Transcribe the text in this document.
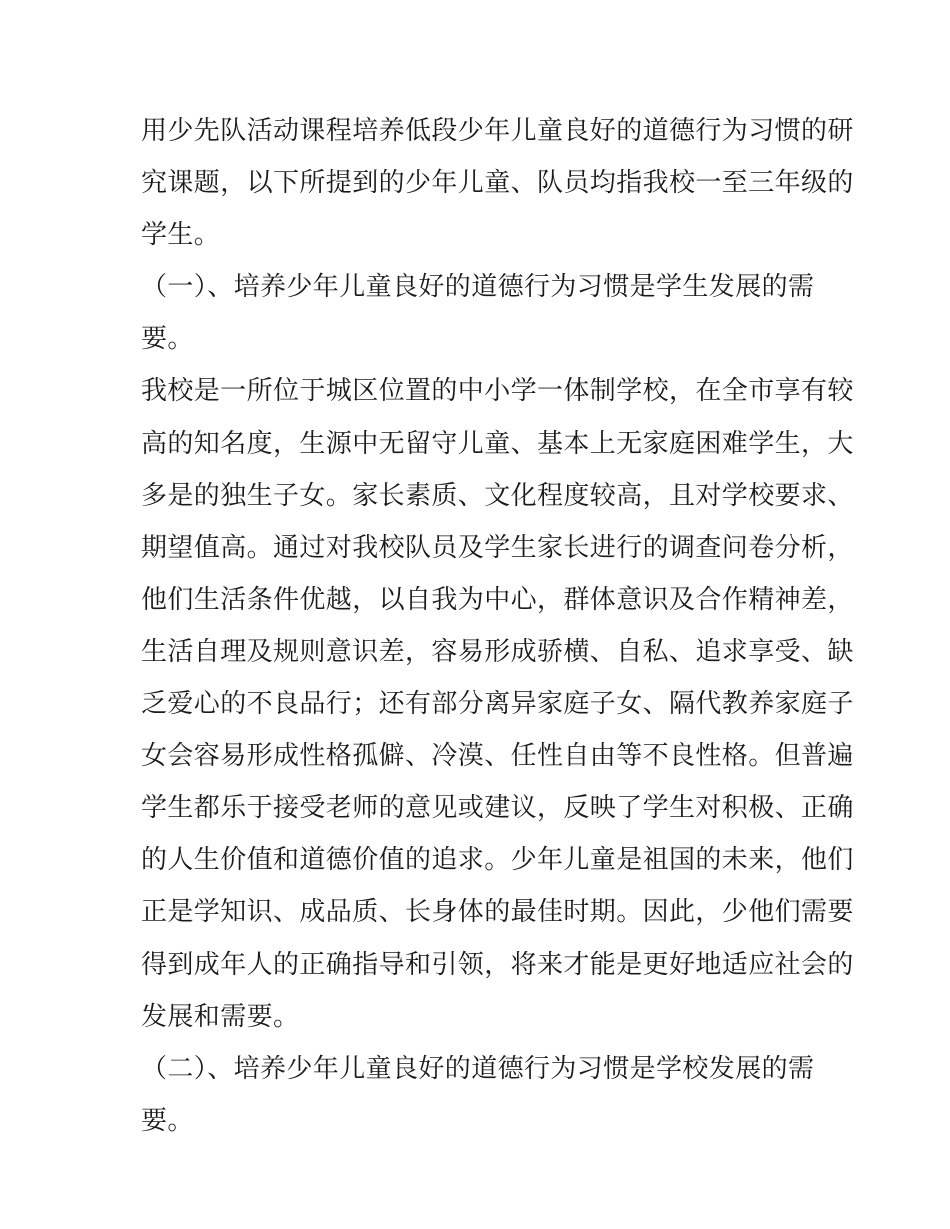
用少先队活动课程培养低段少年儿童良好的道德行为习惯的研
究课题，以下所提到的少年儿童、队员均指我校一至三年级的
学生。
（一）、培养少年儿童良好的道德行为习惯是学生发展的需
要。
我校是一所位于城区位置的中小学一体制学校，在全市享有较
高的知名度，生源中无留守儿童、基本上无家庭困难学生，大
多是的独生子女。家长素质、文化程度较高，且对学校要求、
期望值高。通过对我校队员及学生家长进行的调查问卷分析，
他们生活条件优越，以自我为中心，群体意识及合作精神差，
生活自理及规则意识差，容易形成骄横、自私、追求享受、缺
乏爱心的不良品行；还有部分离异家庭子女、隔代教养家庭子
女会容易形成性格孤僻、冷漠、任性自由等不良性格。但普遍
学生都乐于接受老师的意见或建议，反映了学生对积极、正确
的人生价值和道德价值的追求。少年儿童是祖国的未来，他们
正是学知识、成品质、长身体的最佳时期。因此，少他们需要
得到成年人的正确指导和引领，将来才能是更好地适应社会的
发展和需要。
（二）、培养少年儿童良好的道德行为习惯是学校发展的需
要。
